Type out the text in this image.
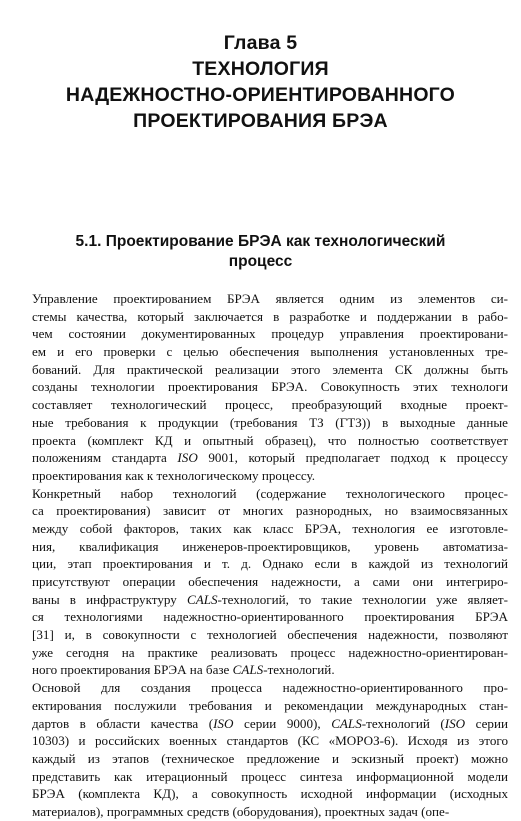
Глава 5
ТЕХНОЛОГИЯ
НАДЕЖНОСТНО-ОРИЕНТИРОВАННОГО
ПРОЕКТИРОВАНИЯ БРЭА
5.1. Проектирование БРЭА как технологический
процесс
Управление проектированием БРЭА является одним из элементов си-
стемы качества, который заключается в разработке и поддержании в рабо-
чем состоянии документированных процедур управления проектировани-
ем и его проверки с целью обеспечения выполнения установленных тре-
бований. Для практической реализации этого элемента СК должны быть
созданы технологии проектирования БРЭА. Совокупность этих технологи
составляет технологический процесс, преобразующий входные проект-
ные требования к продукции (требования ТЗ (ГТЗ)) в выходные данные
проекта (комплект КД и опытный образец), что полностью соответствует
положениям стандарта ISO 9001, который предполагает подход к процессу
проектирования как к технологическому процессу.
Конкретный набор технологий (содержание технологического процес-
са проектирования) зависит от многих разнородных, но взаимосвязанных
между собой факторов, таких как класс БРЭА, технология ее изготовле-
ния, квалификация инженеров-проектировщиков, уровень автоматиза-
ции, этап проектирования и т. д. Однако если в каждой из технологий
присутствуют операции обеспечения надежности, а сами они интегриро-
ваны в инфраструктуру CALS-технологий, то такие технологии уже являет-
ся технологиями надежностно-ориентированного проектирования БРЭА
[31] и, в совокупности с технологией обеспечения надежности, позволяют
уже сегодня на практике реализовать процесс надежностно-ориентирован-
ного проектирования БРЭА на базе CALS-технологий.
Основой для создания процесса надежностно-ориентированного про-
ектирования послужили требования и рекомендации международных стан-
дартов в области качества (ISO серии 9000), CALS-технологий (ISO серии
10303) и российских военных стандартов (КС «МОРОЗ-6). Исходя из этого
каждый из этапов (техническое предложение и эскизный проект) можно
представить как итерационный процесс синтеза информационной модели
БРЭА (комплекта КД), а совокупность исходной информации (исходных
материалов), программных средств (оборудования), проектных задач (опе-
